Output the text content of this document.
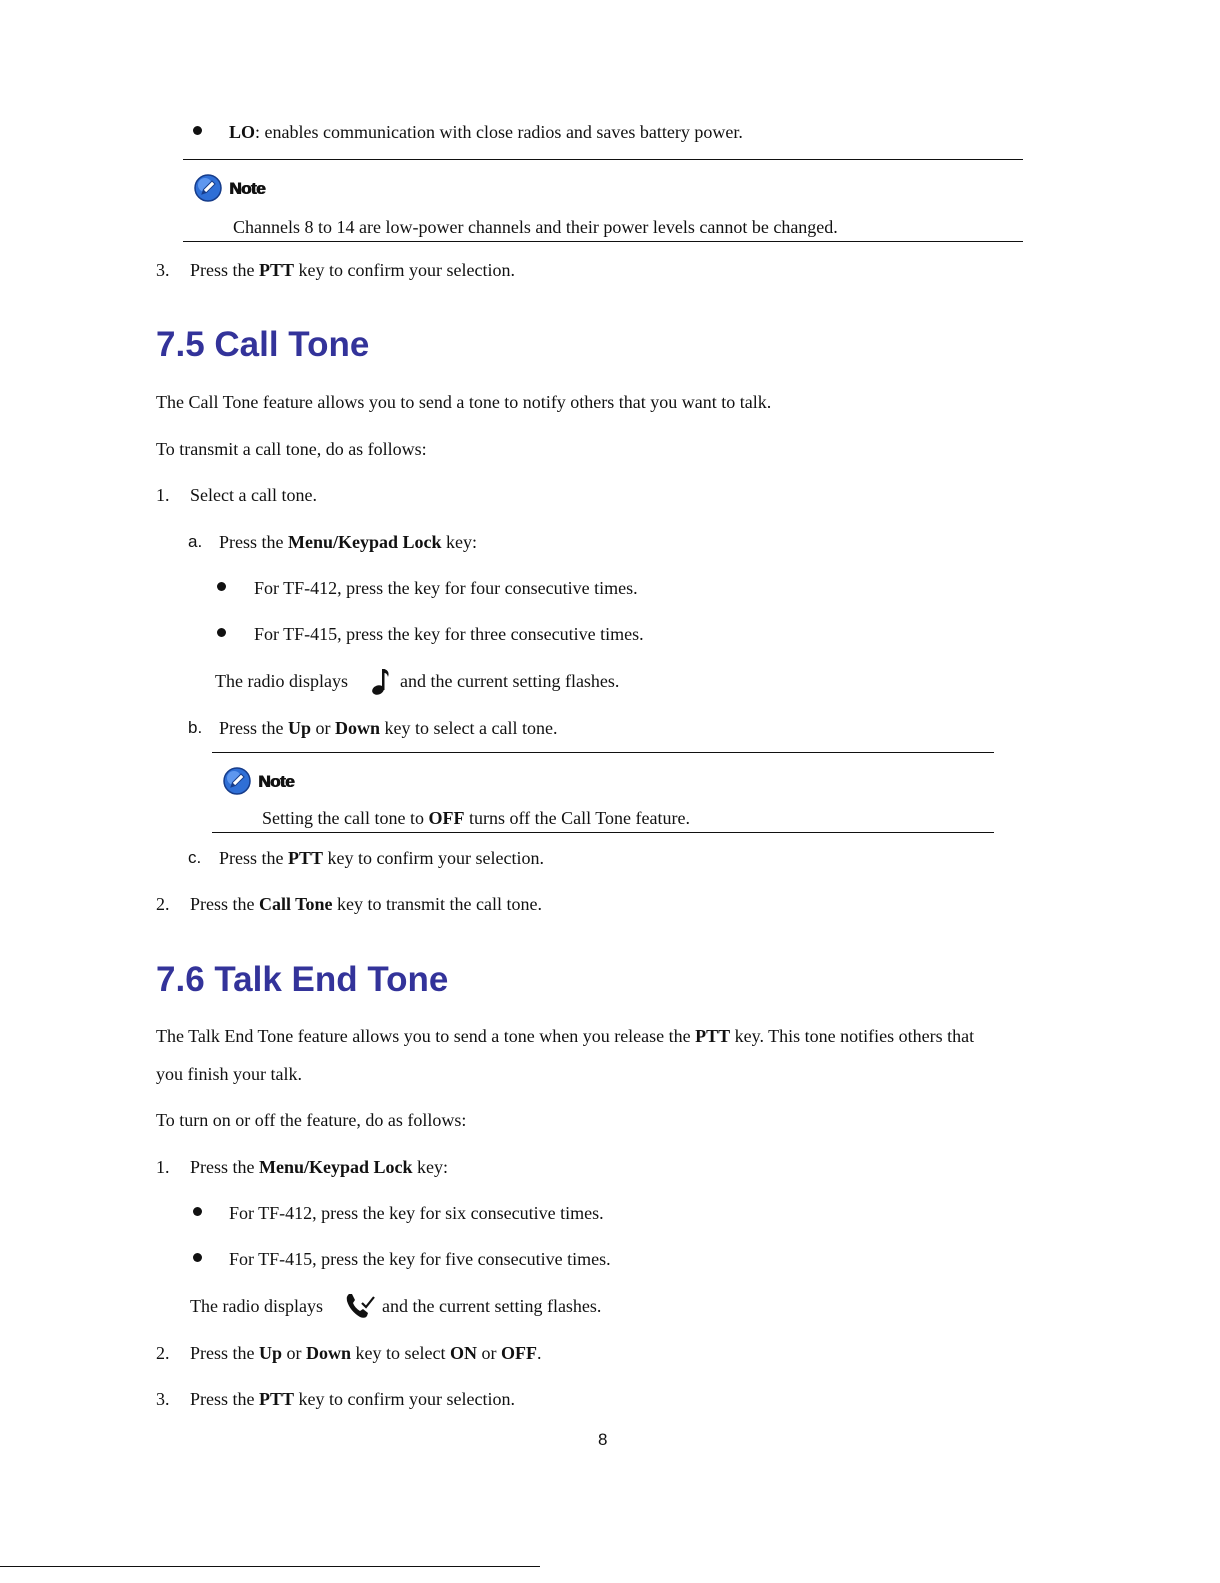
LO: enables communication with close radios and saves battery power.
Note
Channels 8 to 14 are low-power channels and their power levels cannot be changed.
3. Press the PTT key to confirm your selection.
7.5 Call Tone
The Call Tone feature allows you to send a tone to notify others that you want to talk.
To transmit a call tone, do as follows:
1. Select a call tone.
a. Press the Menu/Keypad Lock key:
For TF-412, press the key for four consecutive times.
For TF-415, press the key for three consecutive times.
The radio displays	and the current setting flashes.
b. Press the Up or Down key to select a call tone.
Note
Setting the call tone to OFF turns off the Call Tone feature.
c. Press the PTT key to confirm your selection.
2. Press the Call Tone key to transmit the call tone.
7.6 Talk End Tone
The Talk End Tone feature allows you to send a tone when you release the PTT key. This tone notifies others that
you finish your talk.
To turn on or off the feature, do as follows:
1. Press the Menu/Keypad Lock key:
For TF-412, press the key for six consecutive times.
For TF-415, press the key for five consecutive times.
The radio displays	and the current setting flashes.
2. Press the Up or Down key to select ON or OFF.
3. Press the PTT key to confirm your selection.
8
